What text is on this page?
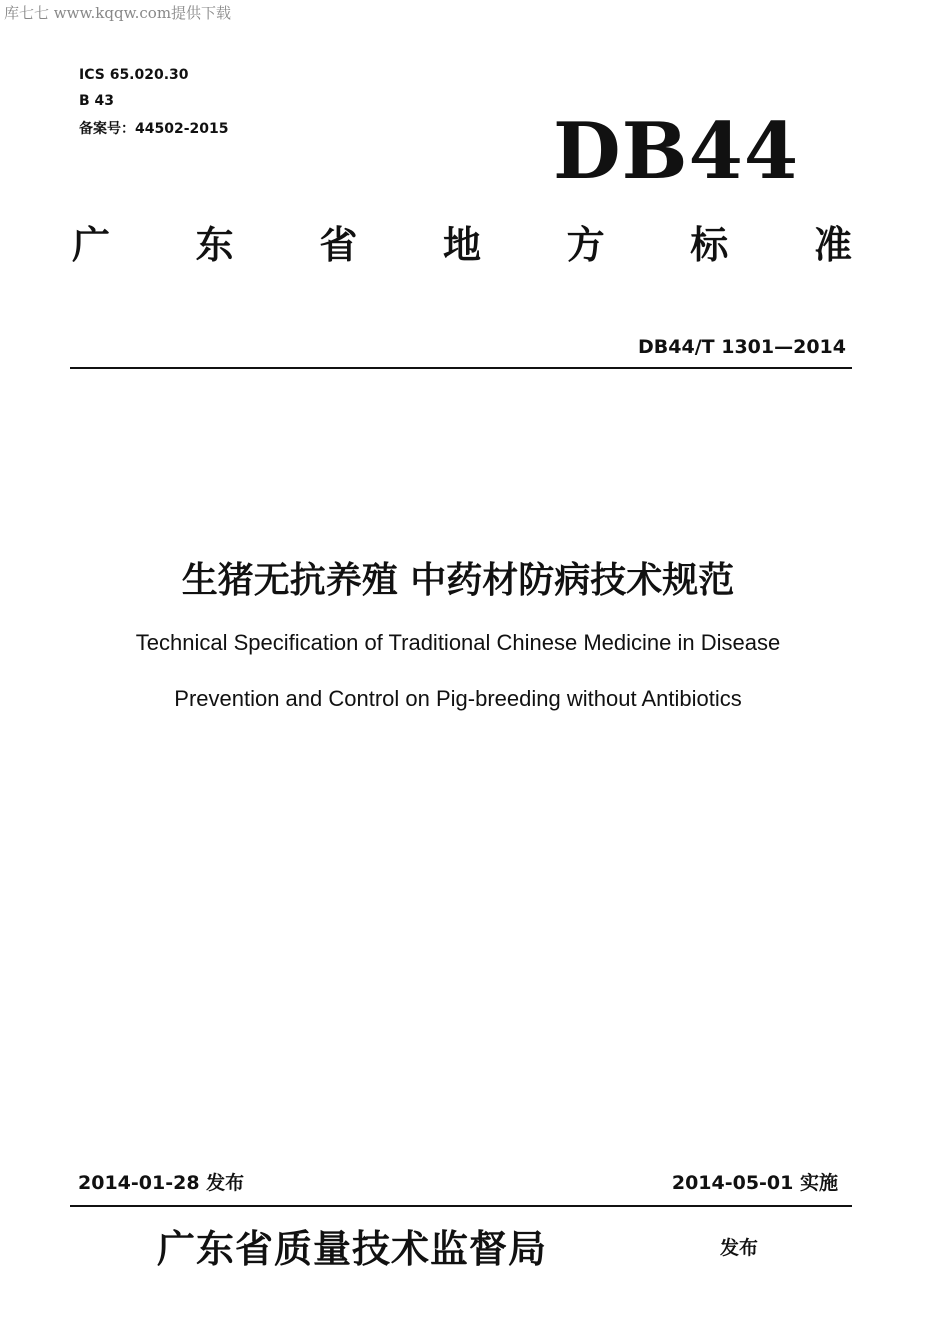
库七七 www.kqqw.com提供下载
ICS 65.020.30
B 43
备案号：44502-2015	DB44
广 东 省 地 方 标 准
DB44/T 1301—2014
生猪无抗养殖 中药材防病技术规范
Technical Specification of Traditional Chinese Medicine in Disease
Prevention and Control on Pig-breeding without Antibiotics
2014-01-28 发布	2014-05-01 实施
广东省质量技术监督局	发布
